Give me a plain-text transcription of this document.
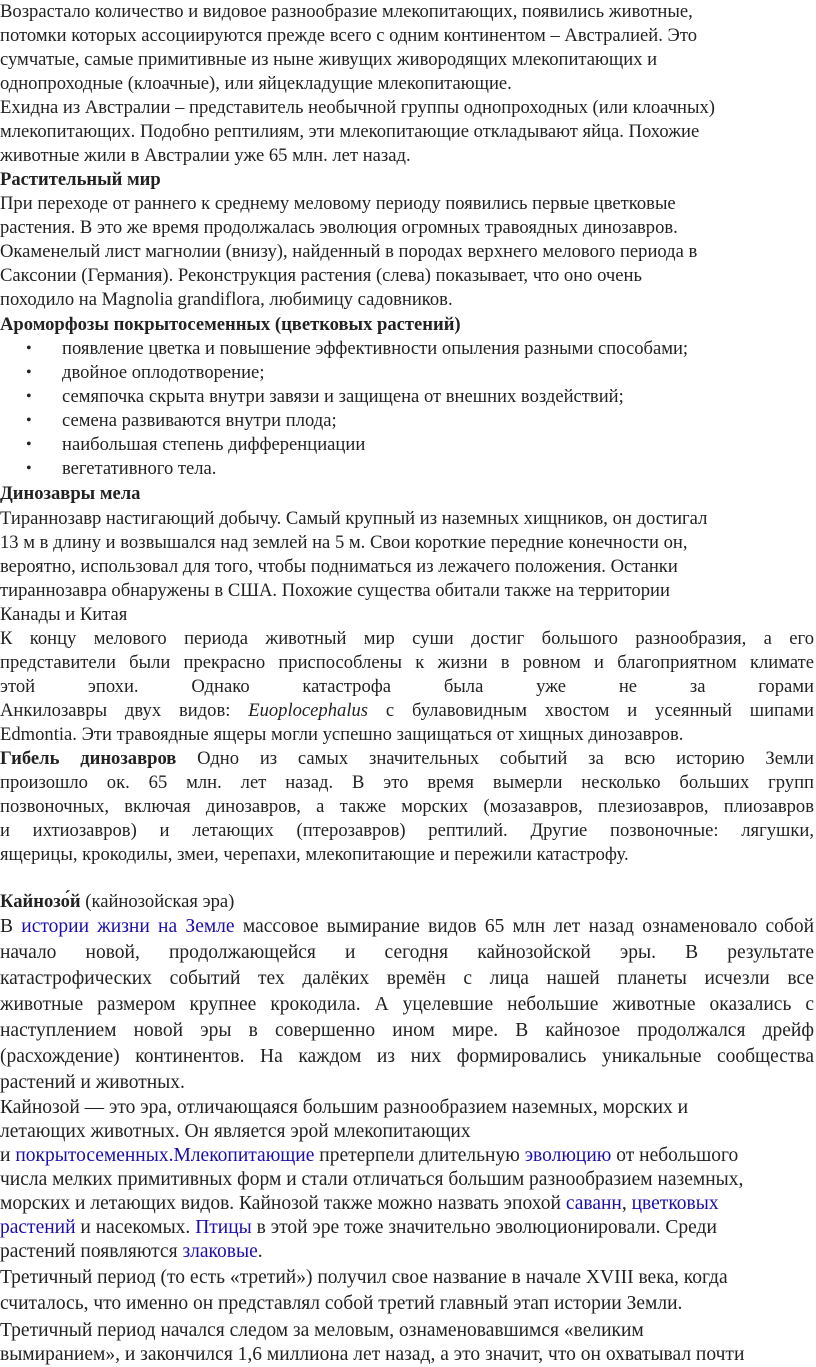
Возрастало количество и видовое разнообразие млекопитающих, появились животные,
потомки которых ассоциируются прежде всего с одним континентом – Австралией. Это
сумчатые, самые примитивные из ныне живущих живородящих млекопитающих и
однопроходные (клоачные), или яйцекладущие млекопитающие.
Ехидна из Австралии – представитель необычной группы однопроходных (или клоачных)
млекопитающих. Подобно рептилиям, эти млекопитающие откладывают яйца. Похожие
животные жили в Австралии уже 65 млн. лет назад.
Растительный мир
При переходе от раннего к среднему меловому периоду появились первые цветковые
растения. В это же время продолжалась эволюция огромных травоядных динозавров.
Окаменелый лист магнолии (внизу), найденный в породах верхнего мелового периода в
Саксонии (Германия). Реконструкция растения (слева) показывает, что оно очень
походило на Magnolia grandiflora, любимицу садовников.
Ароморфозы покрытосеменных (цветковых растений)
• появление цветка и повышение эффективности опыления разными способами;
• двойное оплодотворение;
• семяпочка скрыта внутри завязи и защищена от внешних воздействий;
• семена развиваются внутри плода;
• наибольшая степень дифференциации
• вегетативного тела.
Динозавры мела
Тираннозавр настигающий добычу. Самый крупный из наземных хищников, он достигал
13 м в длину и возвышался над землей на 5 м. Свои короткие передние конечности он,
вероятно, использовал для того, чтобы подниматься из лежачего положения. Останки
тираннозавра обнаружены в США. Похожие существа обитали также на территории
Канады и Китая
К концу мелового периода животный мир суши достиг большого разнообразия, а его
представители были прекрасно приспособлены к жизни в ровном и благоприятном климате
этой эпохи. Однако катастрофа была уже не за горами
Анкилозавры двух видов: Euoplocephalus с булавовидным хвостом и усеянный шипами
Edmontia. Эти травоядные ящеры могли успешно защищаться от хищных динозавров.
Гибель динозавров Одно из самых значительных событий за всю историю Земли
произошло ок. 65 млн. лет назад. В это время вымерли несколько больших групп
позвоночных, включая динозавров, а также морских (мозазавров, плезиозавров, плиозавров
и ихтиозавров) и летающих (птерозавров) рептилий. Другие позвоночные: лягушки,
ящерицы, крокодилы, змеи, черепахи, млекопитающие и пережили катастрофу.
Кайнозо́й (кайнозойская эра)
В истории жизни на Земле массовое вымирание видов 65 млн лет назад ознаменовало собой
начало новой, продолжающейся и сегодня кайнозойской эры. В результате
катастрофических событий тех далёких времён с лица нашей планеты исчезли все
животные размером крупнее крокодила. А уцелевшие небольшие животные оказались с
наступлением новой эры в совершенно ином мире. В кайнозое продолжался дрейф
(расхождение) континентов. На каждом из них формировались уникальные сообщества
растений и животных.
Кайнозой — это эра, отличающаяся большим разнообразием наземных, морских и
летающих животных. Он является эрой млекопитающих
и покрытосеменных.Млекопитающие претерпели длительную эволюцию от небольшого
числа мелких примитивных форм и стали отличаться большим разнообразием наземных,
морских и летающих видов. Кайнозой также можно назвать эпохой саванн, цветковых
растений и насекомых. Птицы в этой эре тоже значительно эволюционировали. Среди
растений появляются злаковые.
Третичный период (то есть «третий») получил свое название в начале XVIII века, когда
считалось, что именно он представлял собой третий главный этап истории Земли.
Третичный период начался следом за меловым, ознаменовавшимся «великим
вымиранием», и закончился 1,6 миллиона лет назад, а это значит, что он охватывал почти
